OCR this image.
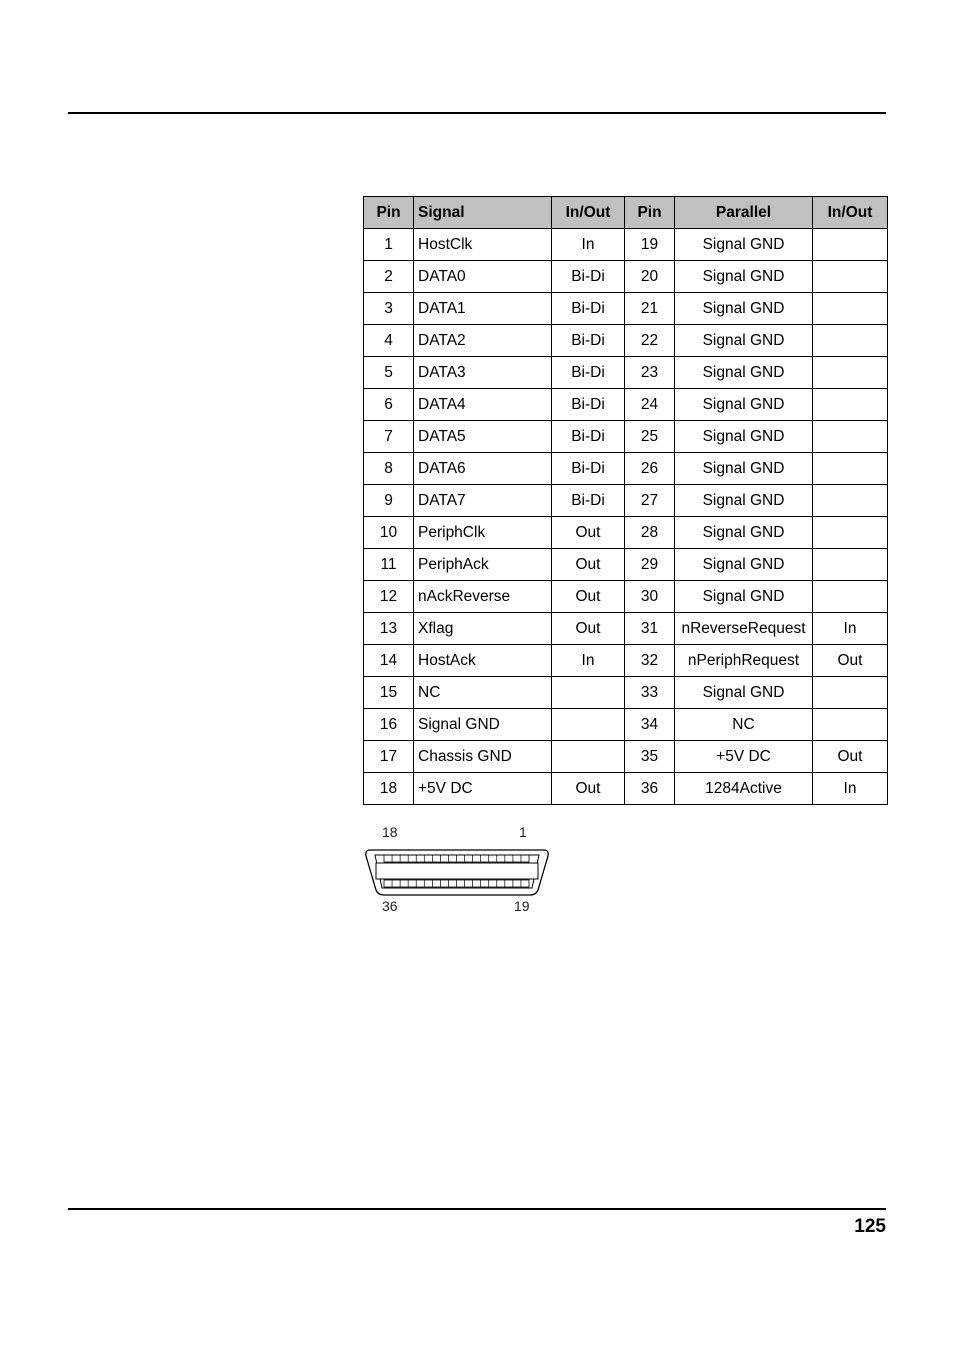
Pin	Signal	In/Out	Pin	Parallel	In/Out
1	HostClk	In	19	Signal GND	
2	DATA0	Bi-Di	20	Signal GND	
3	DATA1	Bi-Di	21	Signal GND	
4	DATA2	Bi-Di	22	Signal GND	
5	DATA3	Bi-Di	23	Signal GND	
6	DATA4	Bi-Di	24	Signal GND	
7	DATA5	Bi-Di	25	Signal GND	
8	DATA6	Bi-Di	26	Signal GND	
9	DATA7	Bi-Di	27	Signal GND	
10	PeriphClk	Out	28	Signal GND	
11	PeriphAck	Out	29	Signal GND	
12	nAckReverse	Out	30	Signal GND	
13	Xflag	Out	31	nReverseRequest	In
14	HostAck	In	32	nPeriphRequest	Out
15	NC		33	Signal GND	
16	Signal GND		34	NC	
17	Chassis GND		35	+5V DC	Out
18	+5V DC	Out	36	1284Active	In
18	1
36	19
125
